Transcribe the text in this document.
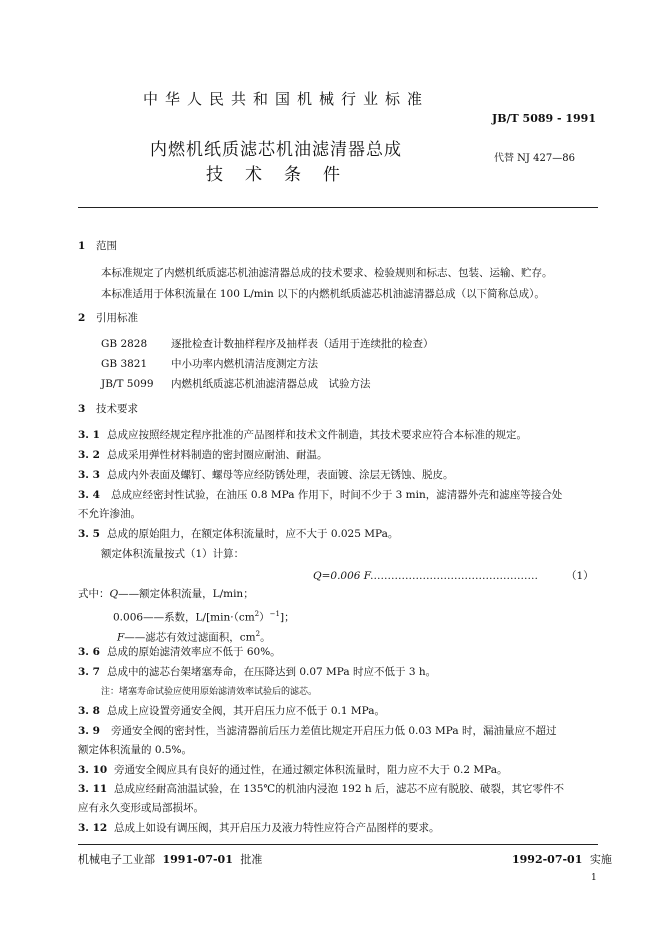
中华人民共和国机械行业标准
JB/T 5089 - 1991
内燃机纸质滤芯机油滤清器总成
技术条件
代替 NJ 427—86
1 范围
本标准规定了内燃机纸质滤芯机油滤清器总成的技术要求、检验规则和标志、包装、运输、贮存。
本标准适用于体积流量在 100 L/min 以下的内燃机纸质滤芯机油滤清器总成（以下简称总成）。
2 引用标准
GB 2828 逐批检查计数抽样程序及抽样表（适用于连续批的检查）
GB 3821 中小功率内燃机清洁度测定方法
JB/T 5099 内燃机纸质滤芯机油滤清器总成　试验方法
3 技术要求
3. 1 总成应按照经规定程序批准的产品图样和技术文件制造，其技术要求应符合本标准的规定。
3. 2 总成采用弹性材料制造的密封圈应耐油、耐温。
3. 3 总成内外表面及螺钉、螺母等应经防锈处理，表面镀、涂层无锈蚀、脱皮。
3. 4 总成应经密封性试验，在油压 0.8 MPa 作用下，时间不少于 3 min，滤清器外壳和滤座等接合处
不允许渗油。
3. 5 总成的原始阻力，在额定体积流量时，应不大于 0.025 MPa。
额定体积流量按式（1）计算：
Q=0.006 F
…………………………………………	（1）
式中：Q——额定体积流量，L/min；
0.006——系数，$L/[\min\cdot(cm^2)^{-1}]$；
F——滤芯有效过滤面积，$cm^2$。
3. 6 总成的原始滤清效率应不低于 60%。
3. 7 总成中的滤芯台架堵塞寿命，在压降达到 0.07 MPa 时应不低于 3 h。
注：堵塞寿命试验应使用原始滤清效率试验后的滤芯。
3. 8 总成上应设置旁通安全阀，其开启压力应不低于 0.1 MPa。
3. 9 旁通安全阀的密封性，当滤清器前后压力差值比规定开启压力低 0.03 MPa 时，漏油量应不超过
额定体积流量的 0.5%。
3. 10 旁通安全阀应具有良好的通过性，在通过额定体积流量时，阻力应不大于 0.2 MPa。
3. 11 总成应经耐高油温试验，在 135℃的机油内浸泡 192 h 后，滤芯不应有脱胶、破裂，其它零件不
应有永久变形或局部损坏。
3. 12 总成上如设有调压阀，其开启压力及液力特性应符合产品图样的要求。
机械电子工业部 1991-07-01 批准	1992-07-01 实施
1
